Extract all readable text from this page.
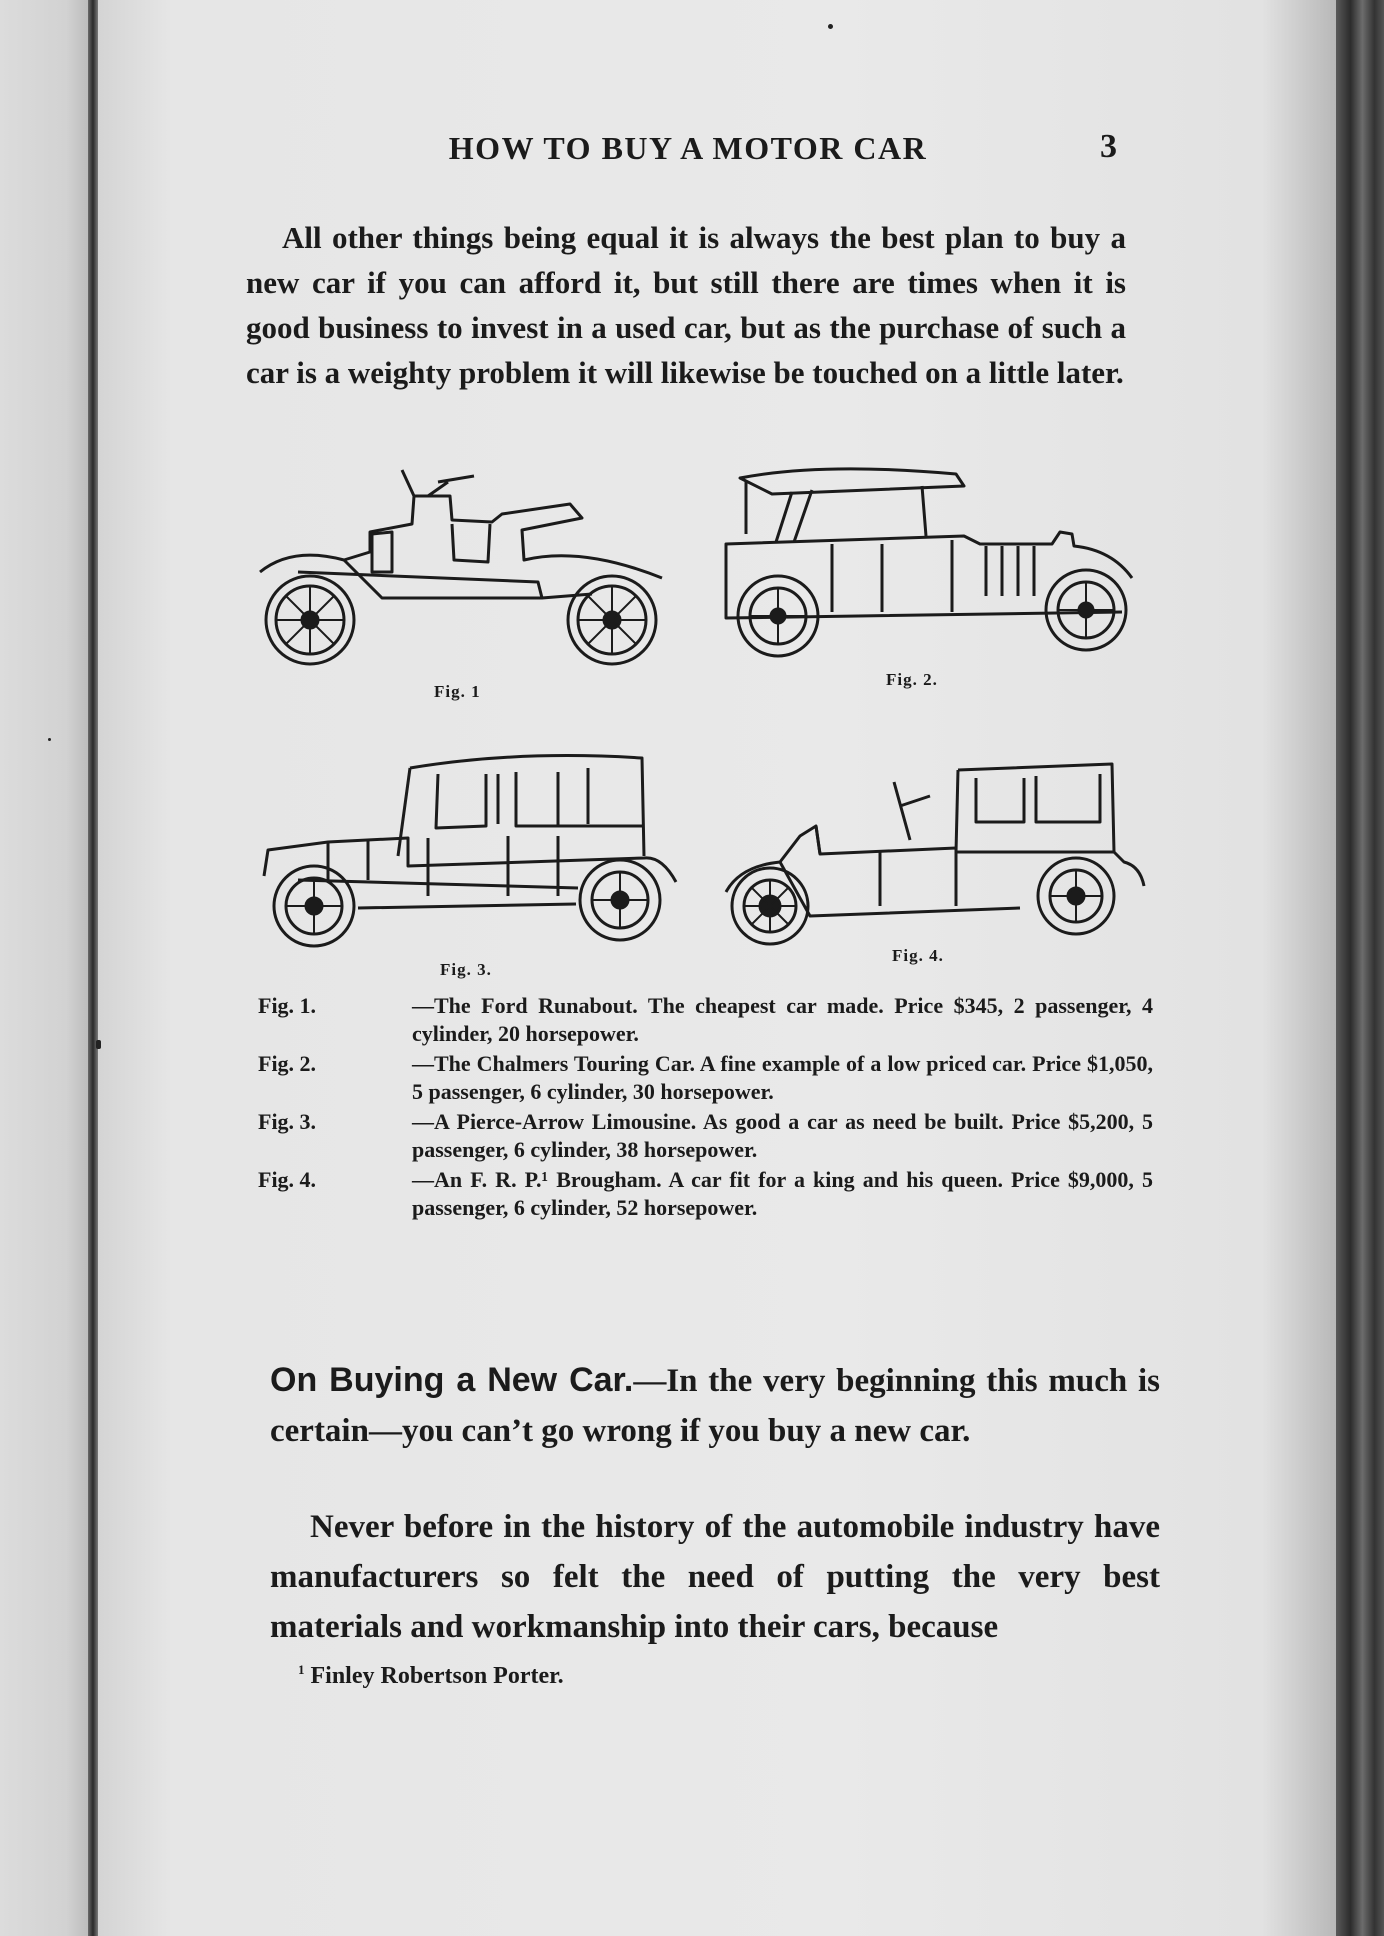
HOW TO BUY A MOTOR CAR	3

All other things being equal it is always the best plan to buy a new car if you can afford it, but still there are times when it is good business to invest in a used car, but as the purchase of such a car is a weighty problem it will likewise be touched on a little later.

Fig. 1
Fig. 2.
Fig. 3.
Fig. 4.
Fig. 1.	—The Ford Runabout. The cheapest car made. Price $345, 2 passenger, 4 cylinder, 20 horsepower.
Fig. 2.	—The Chalmers Touring Car. A fine example of a low priced car. Price $1,050, 5 passenger, 6 cylinder, 30 horsepower.
Fig. 3.	—A Pierce-Arrow Limousine. As good a car as need be built. Price $5,200, 5 passenger, 6 cylinder, 38 horsepower.
Fig. 4.	—An F. R. P.¹ Brougham. A car fit for a king and his queen. Price $9,000, 5 passenger, 6 cylinder, 52 horsepower.

On Buying a New Car.—In the very beginning this much is certain—you can’t go wrong if you buy a new car.

Never before in the history of the automobile industry have manufacturers so felt the need of putting the very best materials and workmanship into their cars, because

$^1$ Finley Robertson Porter.
